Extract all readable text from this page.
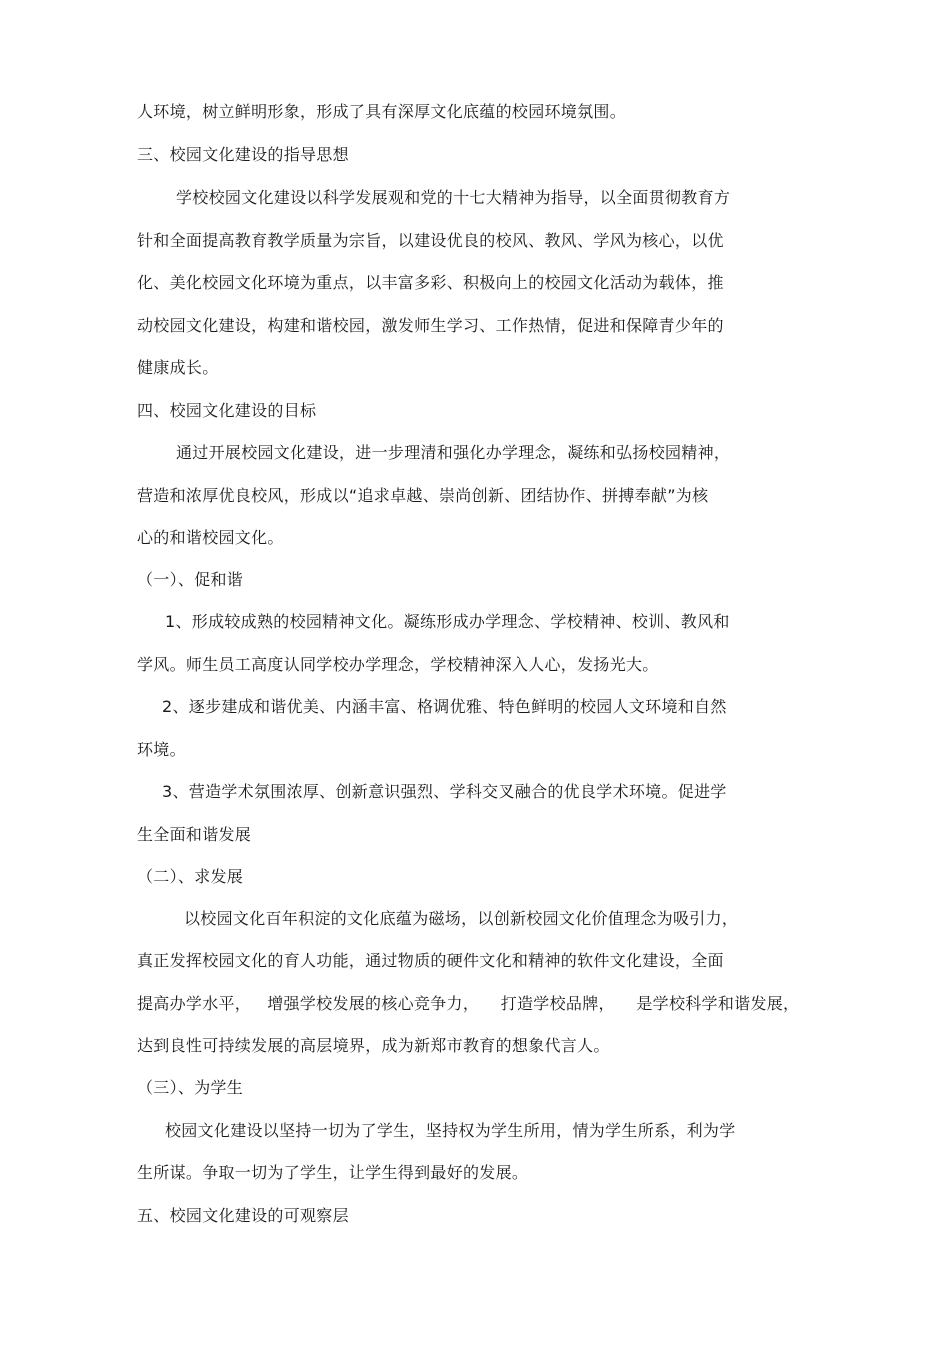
人环境，树立鲜明形象，形成了具有深厚文化底蕴的校园环境氛围。
三、校园文化建设的指导思想
学校校园文化建设以科学发展观和党的十七大精神为指导，以全面贯彻教育方
针和全面提高教育教学质量为宗旨，以建设优良的校风、教风、学风为核心，以优
化、美化校园文化环境为重点，以丰富多彩、积极向上的校园文化活动为载体，推
动校园文化建设，构建和谐校园，激发师生学习、工作热情，促进和保障青少年的
健康成长。
四、校园文化建设的目标
通过开展校园文化建设，进一步理清和强化办学理念，凝练和弘扬校园精神，
营造和浓厚优良校风，形成以“追求卓越、崇尚创新、团结协作、拼搏奉献”为核
心的和谐校园文化。
（一）、促和谐
1、形成较成熟的校园精神文化。凝练形成办学理念、学校精神、校训、教风和
学风。师生员工高度认同学校办学理念，学校精神深入人心，发扬光大。
2、逐步建成和谐优美、内涵丰富、格调优雅、特色鲜明的校园人文环境和自然
环境。
3、营造学术氛围浓厚、创新意识强烈、学科交叉融合的优良学术环境。促进学
生全面和谐发展
（二）、求发展
以校园文化百年积淀的文化底蕴为磁场，以创新校园文化价值理念为吸引力，
真正发挥校园文化的育人功能，通过物质的硬件文化和精神的软件文化建设，全面
提高办学水平，   增强学校发展的核心竞争力，    打造学校品牌，    是学校科学和谐发展，
达到良性可持续发展的高层境界，成为新郑市教育的想象代言人。
（三）、为学生
校园文化建设以坚持一切为了学生，坚持权为学生所用，情为学生所系，利为学
生所谋。争取一切为了学生，让学生得到最好的发展。
五、校园文化建设的可观察层
